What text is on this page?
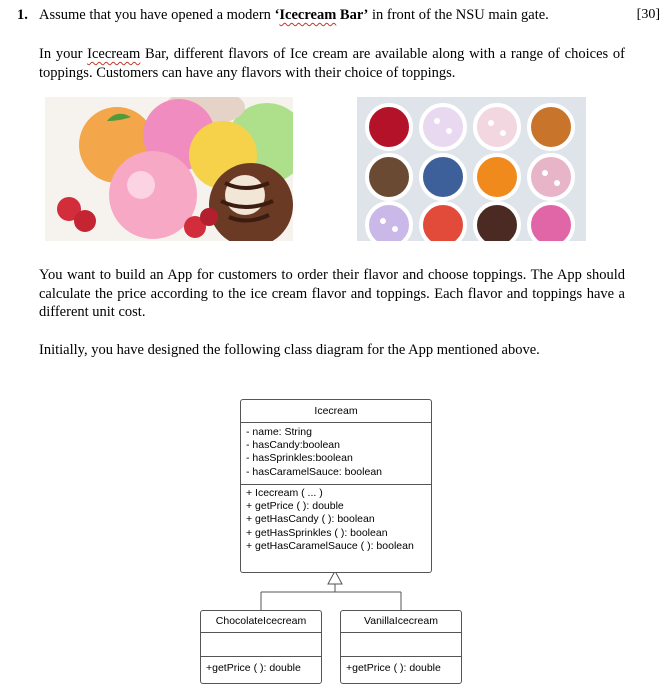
1. Assume that you have opened a modern ‘Icecream Bar’ in front of the NSU main gate.	[30]

In your Icecream Bar, different flavors of Ice cream are available along with a range of choices of toppings. Customers can have any flavors with their choice of toppings.

You want to build an App for customers to order their flavor and choose toppings. The App should calculate the price according to the ice cream flavor and toppings. Each flavor and toppings have a different unit cost.

Initially, you have designed the following class diagram for the App mentioned above.

Icecream
- name: String
- hasCandy:boolean
- hasSprinkles:boolean
- hasCaramelSauce: boolean
+ Icecream ( ... )
+ getPrice ( ): double
+ getHasCandy ( ): boolean
+ getHasSprinkles ( ): boolean
+ getHasCaramelSauce ( ): boolean
ChocolateIcecream
+getPrice ( ): double
VanillaIcecream
+getPrice ( ): double
